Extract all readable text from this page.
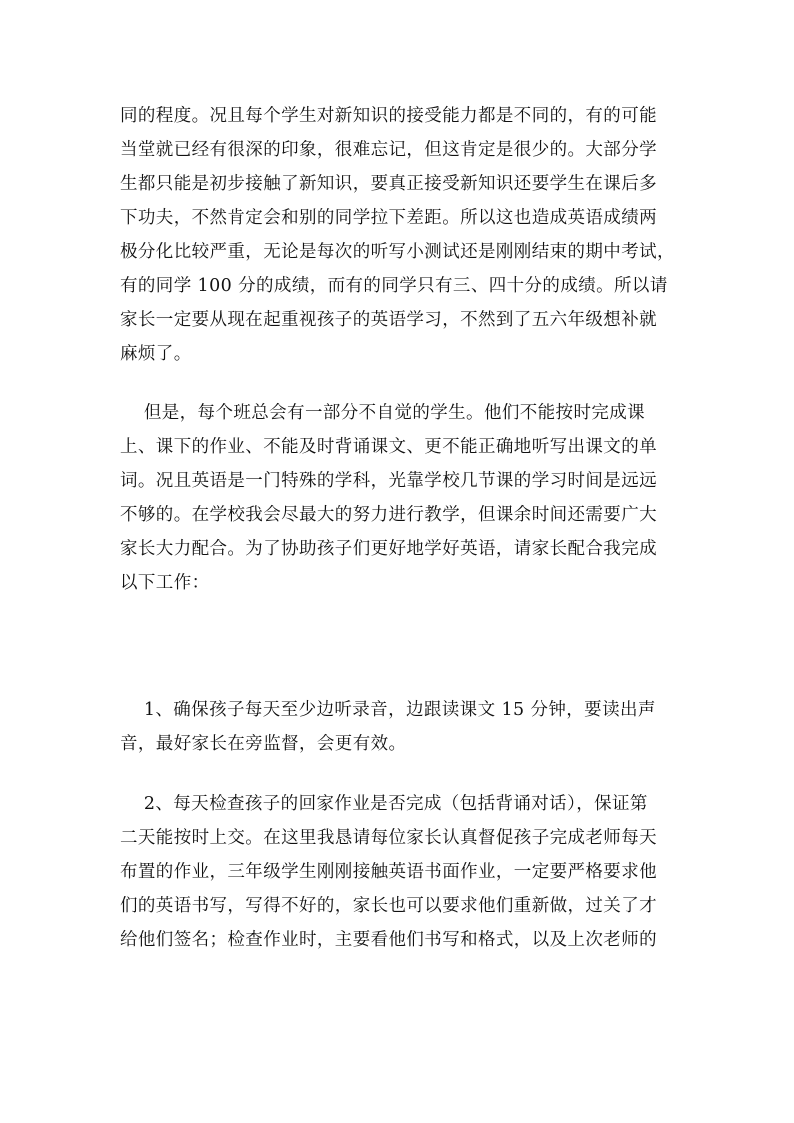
同的程度。况且每个学生对新知识的接受能力都是不同的，有的可能
当堂就已经有很深的印象，很难忘记，但这肯定是很少的。大部分学
生都只能是初步接触了新知识，要真正接受新知识还要学生在课后多
下功夫，不然肯定会和别的同学拉下差距。所以这也造成英语成绩两
极分化比较严重，无论是每次的听写小测试还是刚刚结束的期中考试，
有的同学 100 分的成绩，而有的同学只有三、四十分的成绩。所以请
家长一定要从现在起重视孩子的英语学习，不然到了五六年级想补就
麻烦了。
但是，每个班总会有一部分不自觉的学生。他们不能按时完成课
上、课下的作业、不能及时背诵课文、更不能正确地听写出课文的单
词。况且英语是一门特殊的学科，光靠学校几节课的学习时间是远远
不够的。在学校我会尽最大的努力进行教学，但课余时间还需要广大
家长大力配合。为了协助孩子们更好地学好英语，请家长配合我完成
以下工作：
1、确保孩子每天至少边听录音，边跟读课文 15 分钟，要读出声
音，最好家长在旁监督，会更有效。
2、每天检查孩子的回家作业是否完成（包括背诵对话），保证第
二天能按时上交。在这里我恳请每位家长认真督促孩子完成老师每天
布置的作业，三年级学生刚刚接触英语书面作业，一定要严格要求他
们的英语书写，写得不好的，家长也可以要求他们重新做，过关了才
给他们签名；检查作业时，主要看他们书写和格式，以及上次老师的
